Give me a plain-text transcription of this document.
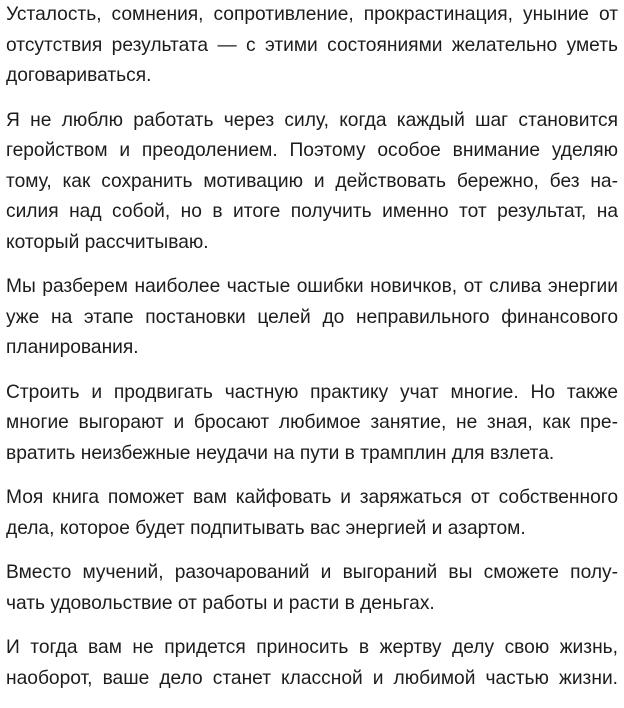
Усталость, сомнения, сопротивление, прокрастинация, уныние от
отсутствия результата — с этими состояниями желательно уметь
договариваться.

Я не люблю работать через силу, когда каждый шаг становится
геройством и преодолением. Поэтому особое внимание уделяю
тому, как сохранить мотивацию и действовать бережно, без на-
силия над собой, но в итоге получить именно тот результат, на
который рассчитываю.

Мы разберем наиболее частые ошибки новичков, от слива энергии
уже на этапе постановки целей до неправильного финансового
планирования.

Строить и продвигать частную практику учат многие. Но также
многие выгорают и бросают любимое занятие, не зная, как пре-
вратить неизбежные неудачи на пути в трамплин для взлета.

Моя книга поможет вам кайфовать и заряжаться от собственного
дела, которое будет подпитывать вас энергией и азартом.

Вместо мучений, разочарований и выгораний вы сможете полу-
чать удовольствие от работы и расти в деньгах.

И тогда вам не придется приносить в жертву делу свою жизнь,
наоборот, ваше дело станет классной и любимой частью жизни.
